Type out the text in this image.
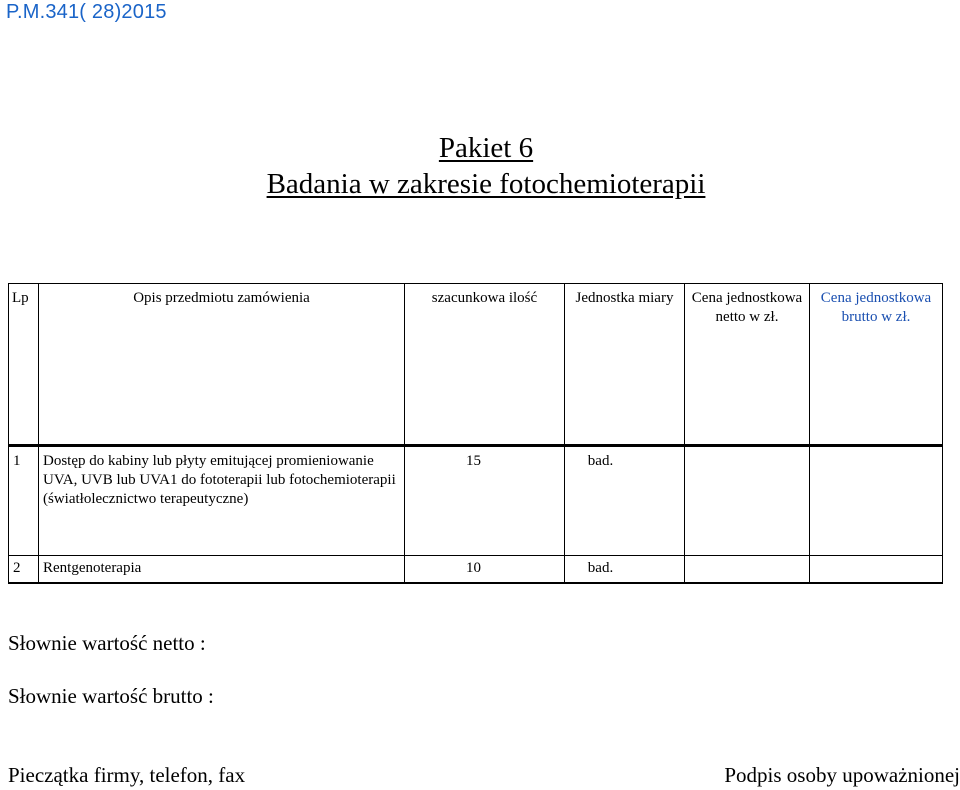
P.M.341( 28)2015
Pakiet 6
Badania w zakresie fotochemioterapii
Lp	Opis przedmiotu zamówienia	szacunkowa ilość	Jednostka miary	Cena jednostkowa netto w zł.	Cena jednostkowa brutto w zł.
1	Dostęp do kabiny lub płyty emitującej promieniowanie UVA, UVB lub UVA1 do fototerapii lub fotochemioterapii (światłolecznictwo terapeutyczne)	15	bad.		
2	Rentgenoterapia	10	bad.		
Słownie wartość netto :
Słownie wartość brutto :
Pieczątka firmy, telefon, fax	Podpis osoby upoważnionej
